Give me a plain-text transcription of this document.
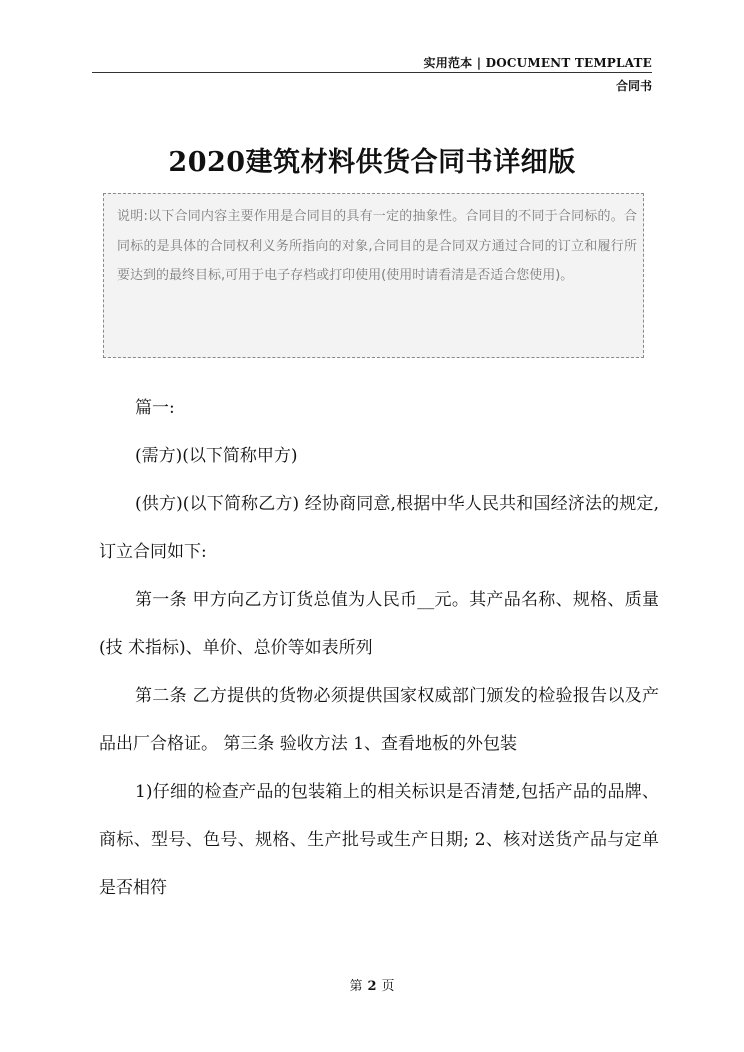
实用范本 | DOCUMENT TEMPLATE
合同书
2020建筑材料供货合同书详细版
说明:以下合同内容主要作用是合同目的具有一定的抽象性。合同目的不同于合同标的。合同标的是具体的合同权利义务所指向的对象,合同目的是合同双方通过合同的订立和履行所要达到的最终目标,可用于电子存档或打印使用(使用时请看清是否适合您使用)。

篇一:

(需方)(以下简称甲方)

(供方)(以下简称乙方) 经协商同意,根据中华人民共和国经济法的规定,订立合同如下:

第一条 甲方向乙方订货总值为人民币__元。其产品名称、规格、质量(技 术指标)、单价、总价等如表所列

第二条 乙方提供的货物必须提供国家权威部门颁发的检验报告以及产品出厂合格证。 第三条 验收方法 1、查看地板的外包装

1)仔细的检查产品的包装箱上的相关标识是否清楚,包括产品的品牌、商标、型号、色号、规格、生产批号或生产日期; 2、核对送货产品与定单是否相符

第 2 页
